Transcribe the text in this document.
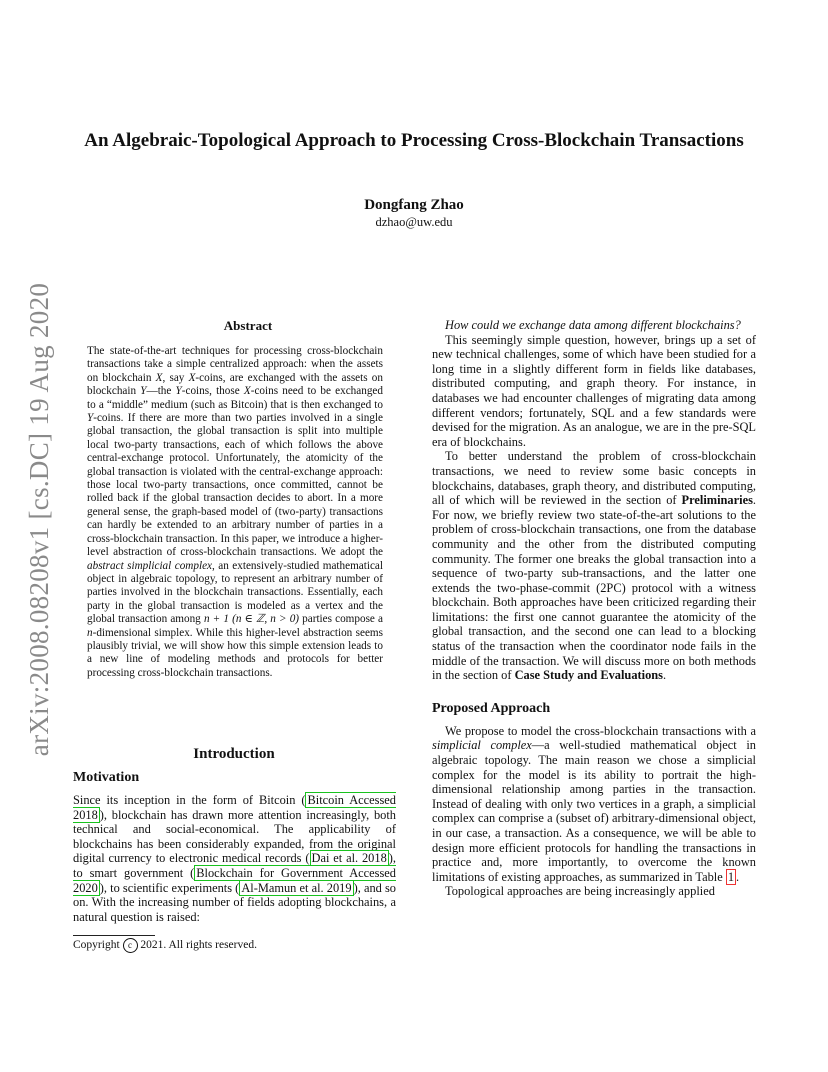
arXiv:2008.08208v1 [cs.DC] 19 Aug 2020
An Algebraic-Topological Approach to Processing Cross-Blockchain Transactions
Dongfang Zhao
dzhao@uw.edu
Abstract

The state-of-the-art techniques for processing cross-blockchain transactions take a simple centralized approach: when the assets on blockchain X, say X-coins, are exchanged with the assets on blockchain Y—the Y-coins, those X-coins need to be exchanged to a “middle” medium (such as Bitcoin) that is then exchanged to Y-coins. If there are more than two parties involved in a single global transaction, the global transaction is split into multiple local two-party transactions, each of which follows the above central-exchange protocol. Unfortunately, the atomicity of the global transaction is violated with the central-exchange approach: those local two-party transactions, once committed, cannot be rolled back if the global transaction decides to abort. In a more general sense, the graph-based model of (two-party) transactions can hardly be extended to an arbitrary number of parties in a cross-blockchain transaction. In this paper, we introduce a higher-level abstraction of cross-blockchain transactions. We adopt the abstract simplicial complex, an extensively-studied mathematical object in algebraic topology, to represent an arbitrary number of parties involved in the blockchain transactions. Essentially, each party in the global transaction is modeled as a vertex and the global transaction among n + 1 (n ∈ ℤ, n > 0) parties compose a n-dimensional simplex. While this higher-level abstraction seems plausibly trivial, we will show how this simple extension leads to a new line of modeling methods and protocols for better processing cross-blockchain transactions.

Introduction
Motivation

Since its inception in the form of Bitcoin ( Bitcoin Accessed 2018 ), blockchain has drawn more attention increasingly, both technical and social-economical. The applicability of blockchains has been considerably expanded, from the original digital currency to electronic medical records ( Dai et al. 2018 ), to smart government ( Blockchain for Government Accessed 2020 ), to scientific experiments ( Al-Mamun et al. 2019 ), and so on. With the increasing number of fields adopting blockchains, a natural question is raised:

Copyright c 2021. All rights reserved.

How could we exchange data among different blockchains?

This seemingly simple question, however, brings up a set of new technical challenges, some of which have been studied for a long time in a slightly different form in fields like databases, distributed computing, and graph theory. For instance, in databases we had encounter challenges of migrating data among different vendors; fortunately, SQL and a few standards were devised for the migration. As an analogue, we are in the pre-SQL era of blockchains.

To better understand the problem of cross-blockchain transactions, we need to review some basic concepts in blockchains, databases, graph theory, and distributed computing, all of which will be reviewed in the section of Preliminaries. For now, we briefly review two state-of-the-art solutions to the problem of cross-blockchain transactions, one from the database community and the other from the distributed computing community. The former one breaks the global transaction into a sequence of two-party sub-transactions, and the latter one extends the two-phase-commit (2PC) protocol with a witness blockchain. Both approaches have been criticized regarding their limitations: the first one cannot guarantee the atomicity of the global transaction, and the second one can lead to a blocking status of the transaction when the coordinator node fails in the middle of the transaction. We will discuss more on both methods in the section of Case Study and Evaluations.

Proposed Approach

We propose to model the cross-blockchain transactions with a simplicial complex—a well-studied mathematical object in algebraic topology. The main reason we chose a simplicial complex for the model is its ability to portrait the high-dimensional relationship among parties in the transaction. Instead of dealing with only two vertices in a graph, a simplicial complex can comprise a (subset of) arbitrary-dimensional object, in our case, a transaction. As a consequence, we will be able to design more efficient protocols for handling the transactions in practice and, more importantly, to overcome the known limitations of existing approaches, as summarized in Table 1 .

Topological approaches are being increasingly applied
